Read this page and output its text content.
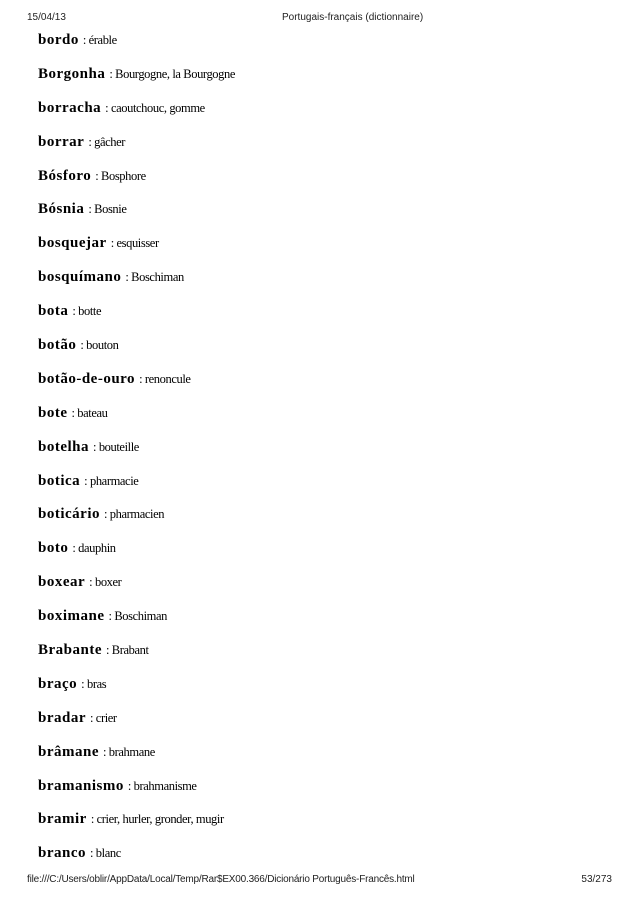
15/04/13	Portugais-français (dictionnaire)
bordo : érable
Borgonha : Bourgogne, la Bourgogne
borracha : caoutchouc, gomme
borrar : gâcher
Bósforo : Bosphore
Bósnia : Bosnie
bosquejar : esquisser
bosquímano : Boschiman
bota : botte
botão : bouton
botão-de-ouro : renoncule
bote : bateau
botelha : bouteille
botica : pharmacie
boticário : pharmacien
boto : dauphin
boxear : boxer
boximane : Boschiman
Brabante : Brabant
braço : bras
bradar : crier
brâmane : brahmane
bramanismo : brahmanisme
bramir : crier, hurler, gronder, mugir
branco : blanc
file:///C:/Users/oblir/AppData/Local/Temp/Rar$EX00.366/Dicionário Português-Francês.html	53/273
